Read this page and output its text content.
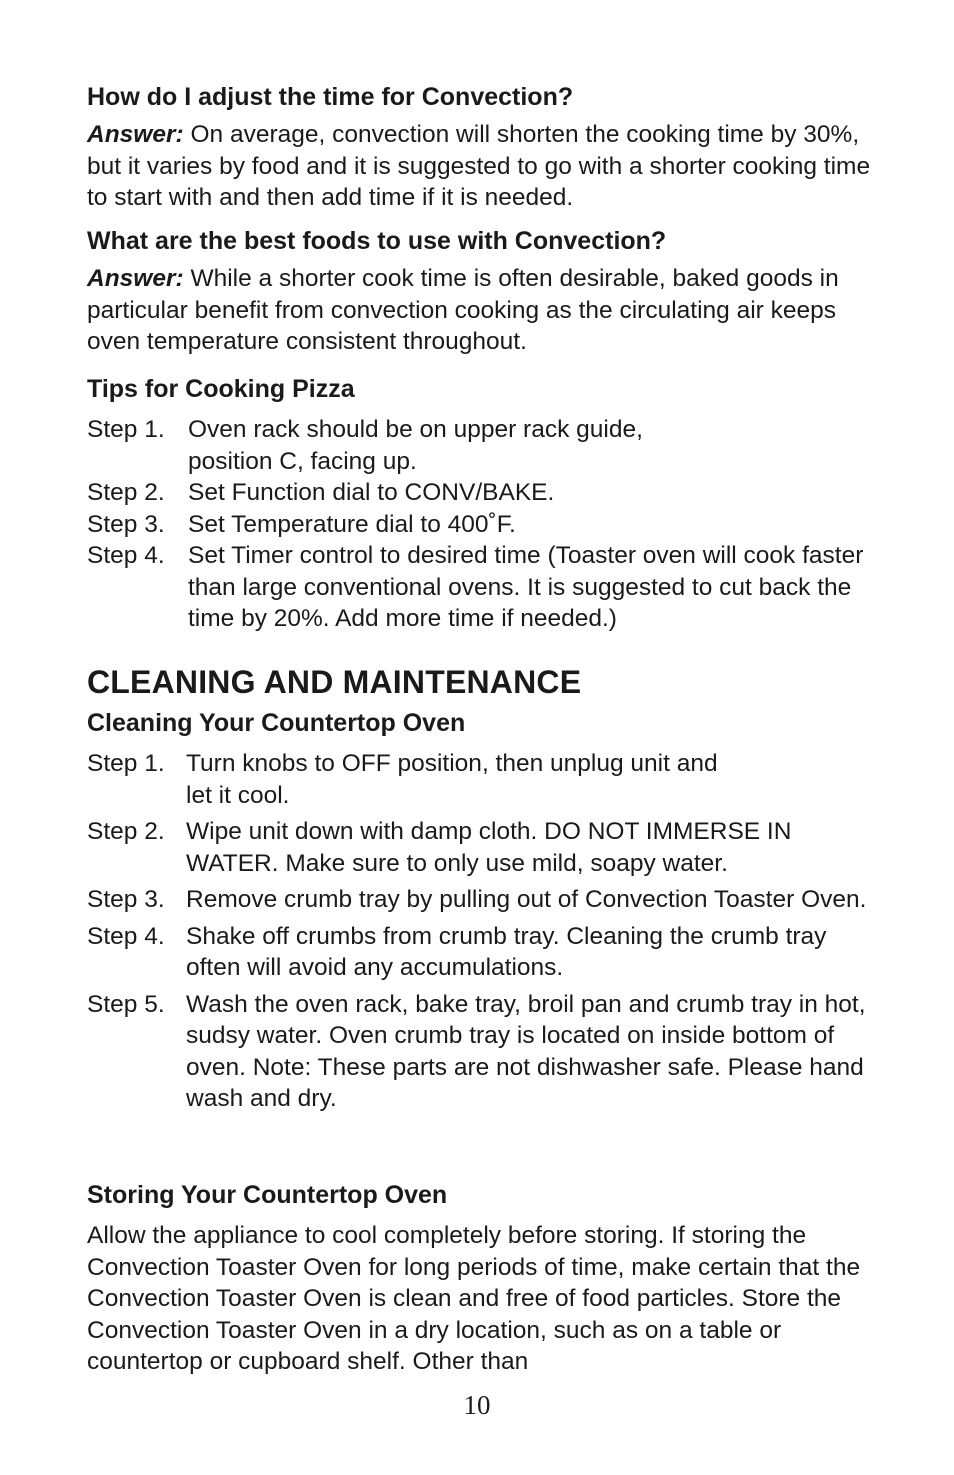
How do I adjust the time for Convection?
Answer: On average, convection will shorten the cooking time by 30%, but it varies by food and it is suggested to go with a shorter cooking time to start with and then add time if it is needed.
What are the best foods to use with Convection?
Answer: While a shorter cook time is often desirable, baked goods in particular benefit from convection cooking as the circulating air keeps oven temperature consistent throughout.
Tips for Cooking Pizza
Step 1. Oven rack should be on upper rack guide, position C, facing up.
Step 2. Set Function dial to CONV/BAKE.
Step 3. Set Temperature dial to 400˚F.
Step 4. Set Timer control to desired time (Toaster oven will cook faster than large conventional ovens. It is suggested to cut back the time by 20%. Add more time if needed.)
CLEANING AND MAINTENANCE
Cleaning Your Countertop Oven
Step 1. Turn knobs to OFF position, then unplug unit and let it cool.
Step 2. Wipe unit down with damp cloth. DO NOT IMMERSE IN WATER. Make sure to only use mild, soapy water.
Step 3. Remove crumb tray by pulling out of Convection Toaster Oven.
Step 4. Shake off crumbs from crumb tray. Cleaning the crumb tray often will avoid any accumulations.
Step 5. Wash the oven rack, bake tray, broil pan and crumb tray in hot, sudsy water. Oven crumb tray is located on inside bottom of oven. Note: These parts are not dishwasher safe. Please hand wash and dry.
Storing Your Countertop Oven
Allow the appliance to cool completely before storing. If storing the Convection Toaster Oven for long periods of time, make certain that the Convection Toaster Oven is clean and free of food particles. Store the Convection Toaster Oven in a dry location, such as on a table or countertop or cupboard shelf. Other than
10
